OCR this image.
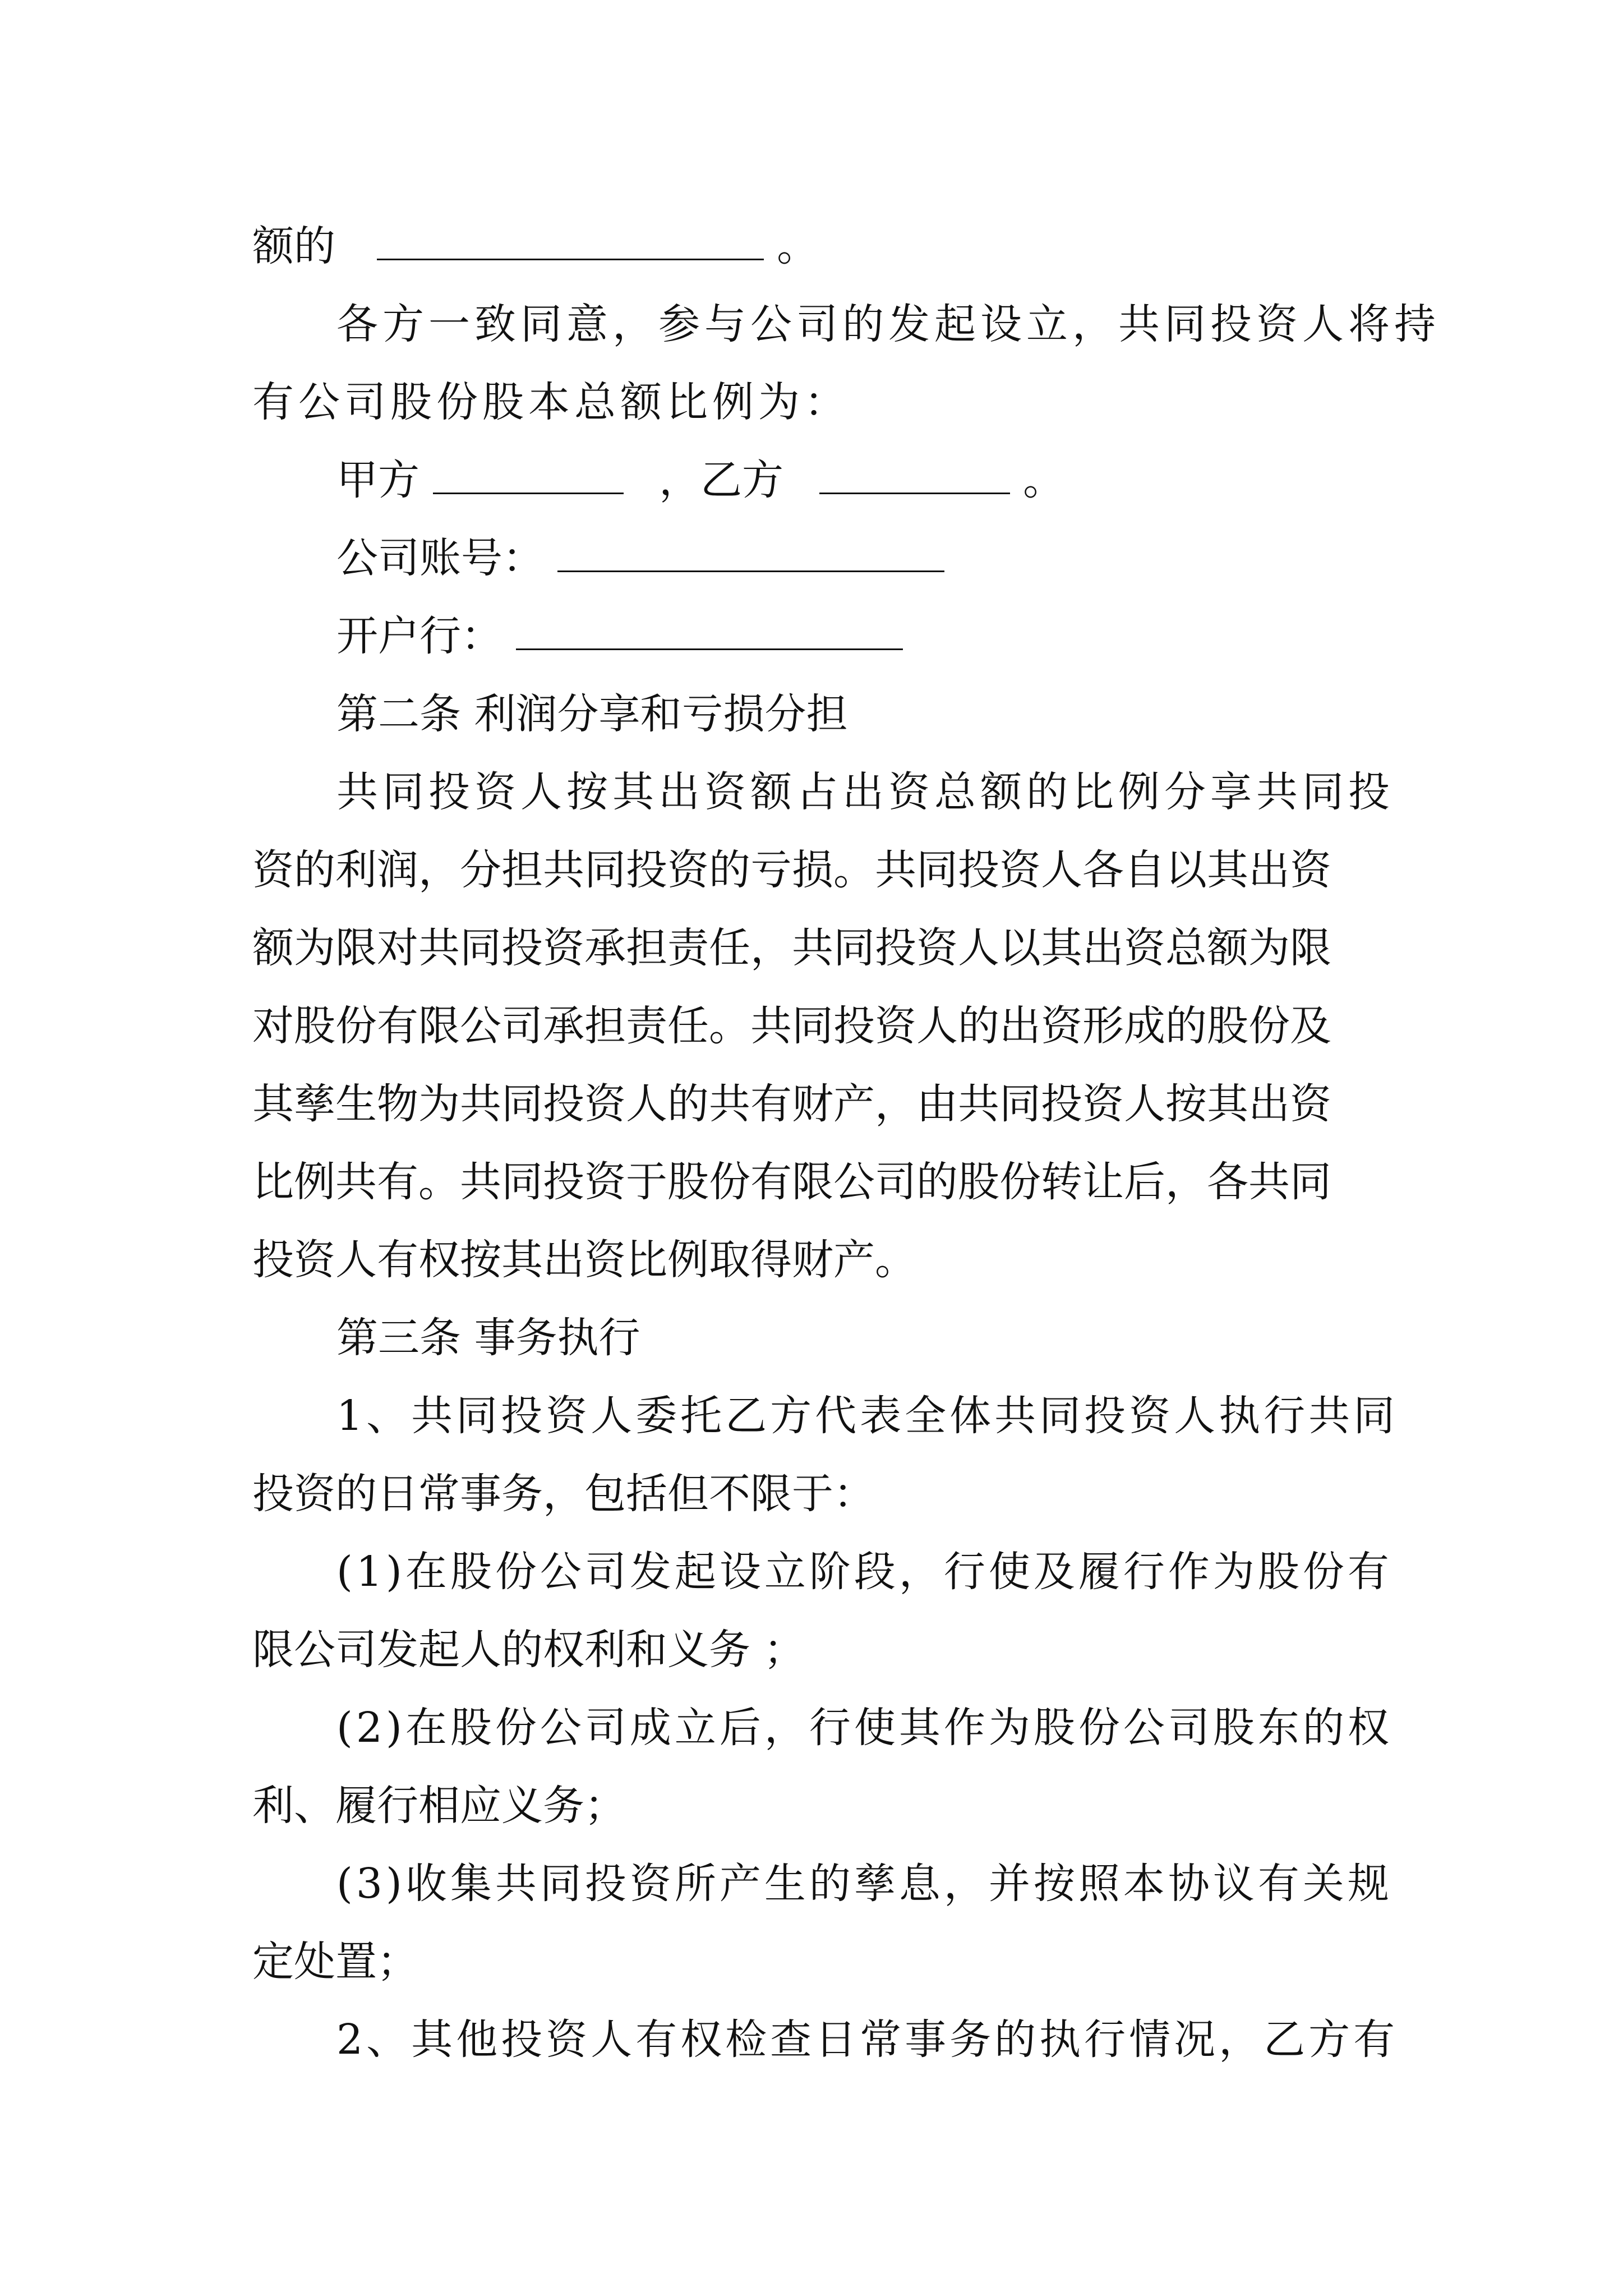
额的	。
各方一致同意，参与公司的发起设立，共同投资人将持
有公司股份股本总额比例为：
甲方	，乙方	。
公司账号：
开户行：
第二条 利润分享和亏损分担
共同投资人按其出资额占出资总额的比例分享共同投
资的利润，分担共同投资的亏损。共同投资人各自以其出资
额为限对共同投资承担责任，共同投资人以其出资总额为限
对股份有限公司承担责任。共同投资人的出资形成的股份及
其孳生物为共同投资人的共有财产，由共同投资人按其出资
比例共有。共同投资于股份有限公司的股份转让后，各共同
投资人有权按其出资比例取得财产。
第三条 事务执行
1、共同投资人委托乙方代表全体共同投资人执行共同
投资的日常事务，包括但不限于：
(1)在股份公司发起设立阶段，行使及履行作为股份有
限公司发起人的权利和义务 ；
(2)在股份公司成立后，行使其作为股份公司股东的权
利、履行相应义务；
(3)收集共同投资所产生的孳息，并按照本协议有关规
定处置；
2、其他投资人有权检查日常事务的执行情况，乙方有
